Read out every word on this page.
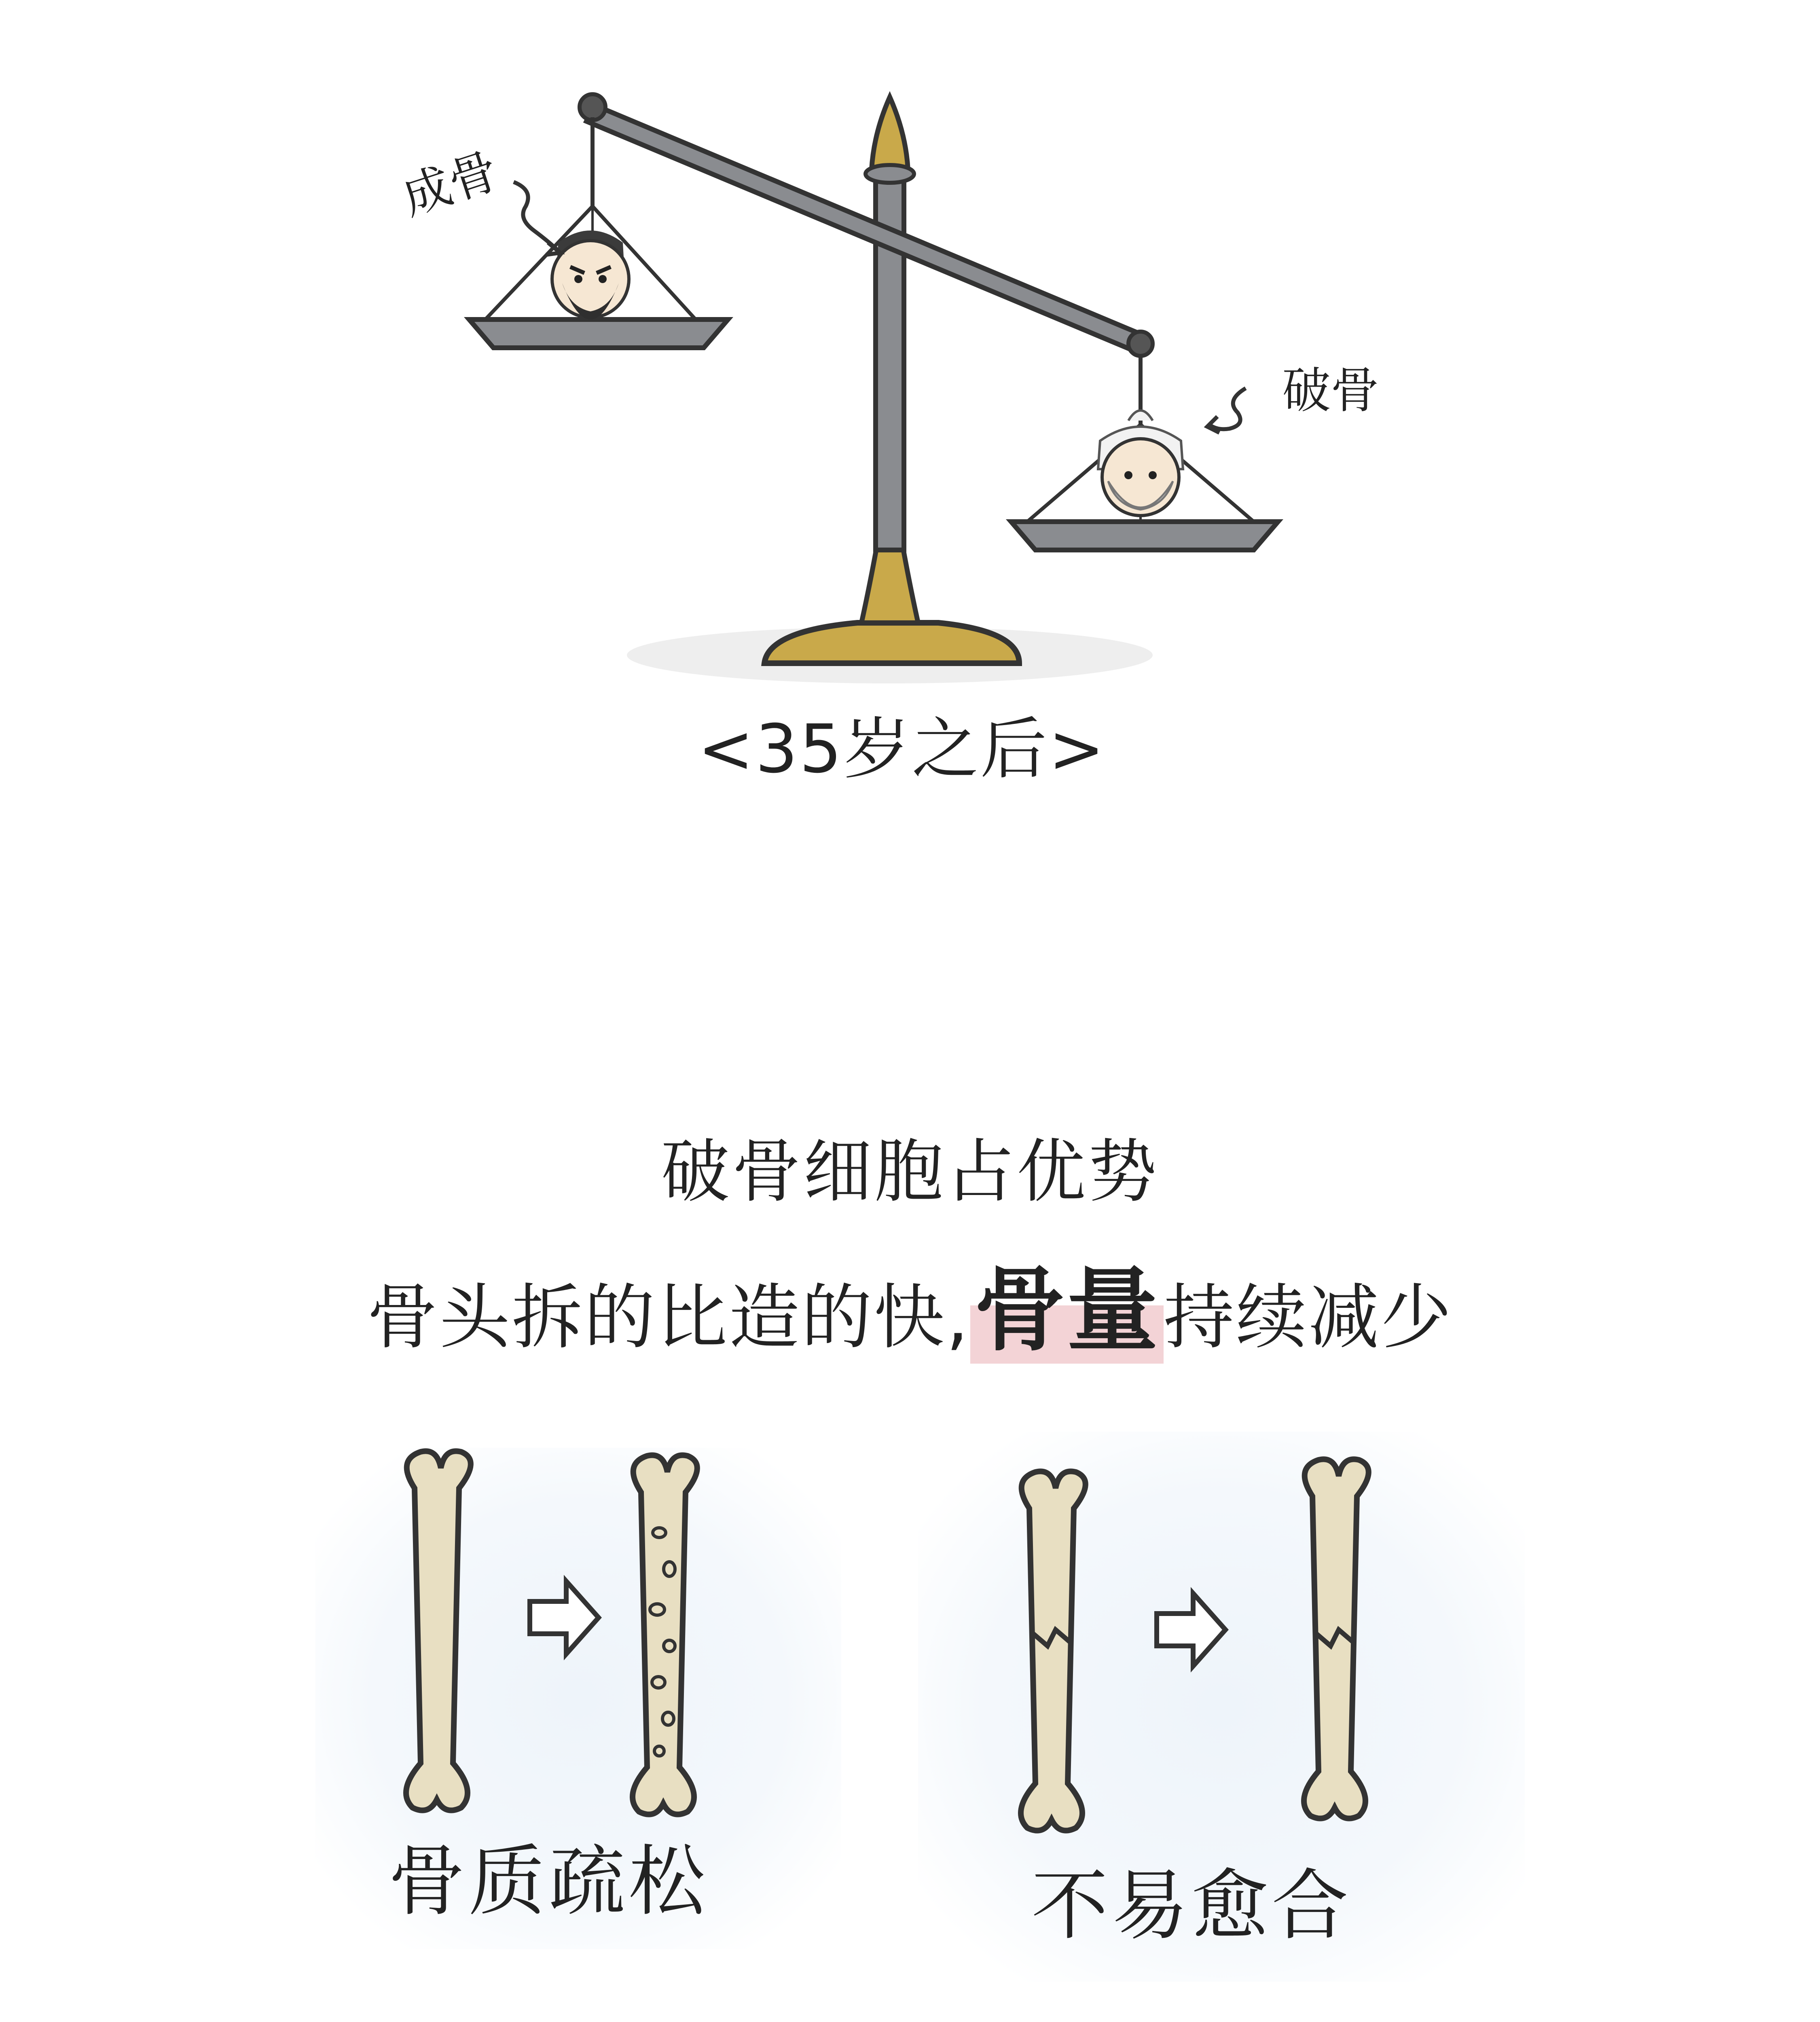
成骨
破骨
<35岁之后>
破骨细胞占优势
骨头拆的比造的快,骨量持续减少
骨质疏松	不易愈合
